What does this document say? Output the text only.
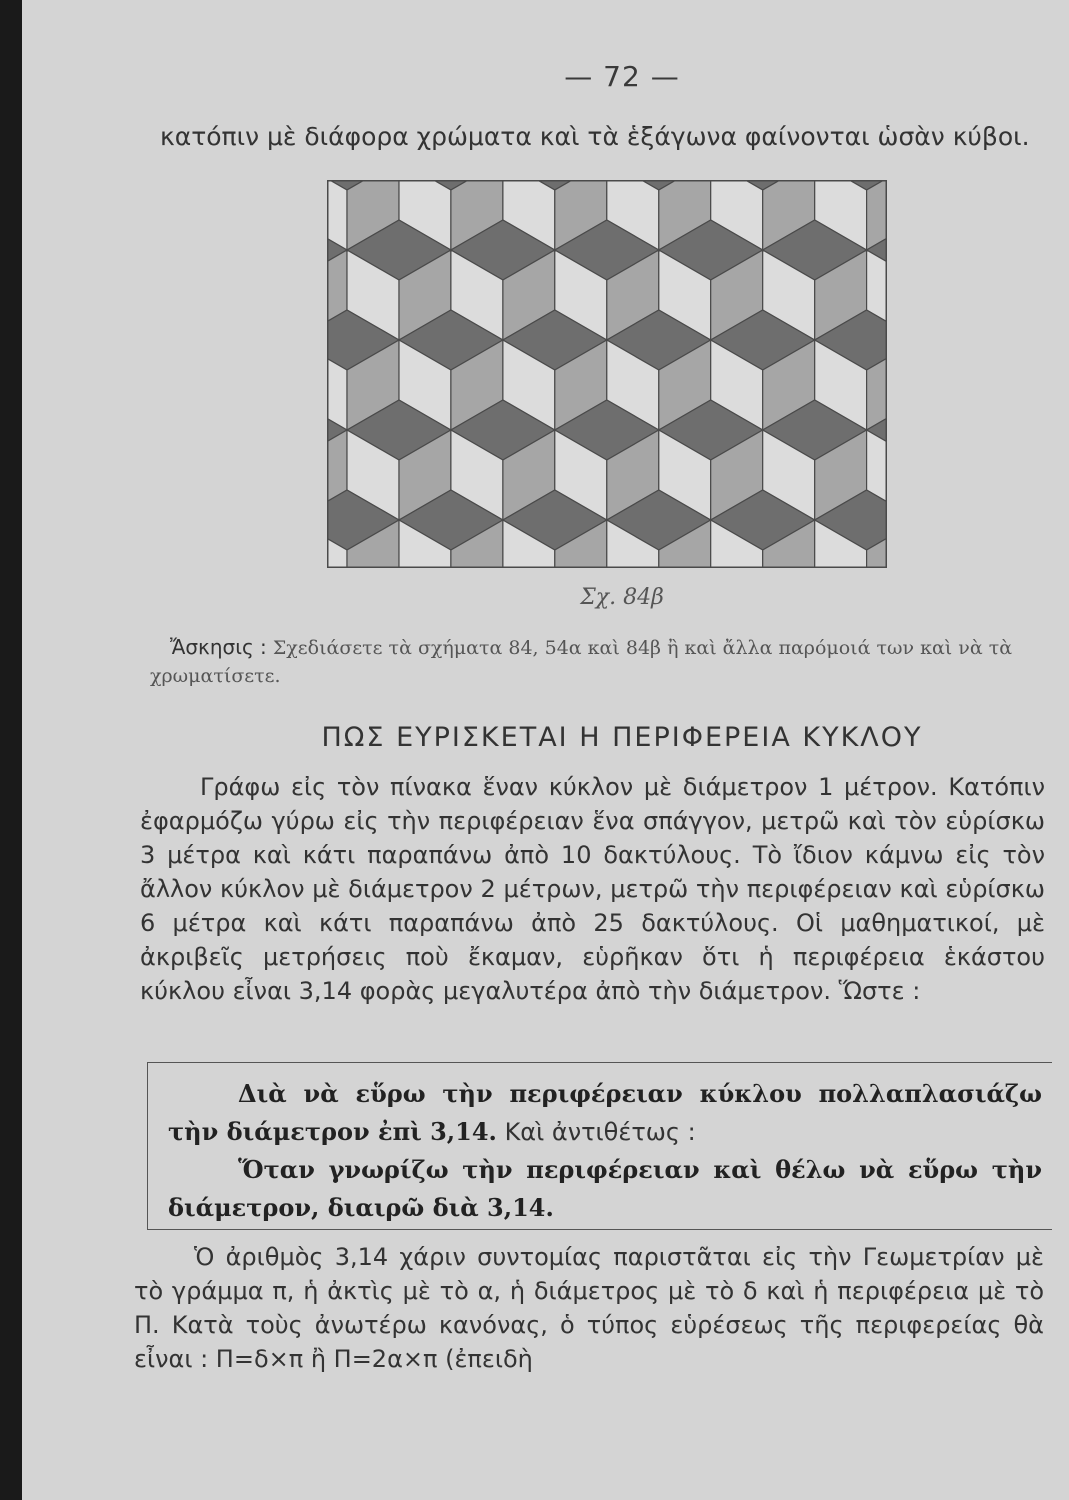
— 72 —
κατόπιν μὲ διάφορα χρώματα καὶ τὰ ἑξάγωνα φαίνονται ὡσὰν κύβοι.
Σχ. 84β
Ἄσκησις : Σχεδιάσετε τὰ σχήματα 84, 54α καὶ 84β ἢ καὶ ἄλλα παρόμοιά των καὶ νὰ τὰ χρωματίσετε.
ΠΩΣ ΕΥΡΙΣΚΕΤΑΙ Η ΠΕΡΙΦΕΡΕΙΑ ΚΥΚΛΟΥ

Γράφω εἰς τὸν πίνακα ἕναν κύκλον μὲ διάμετρον 1 μέτρον. Κατόπιν ἐφαρμόζω γύρω εἰς τὴν περιφέρειαν ἕνα σπάγγον, μετρῶ καὶ τὸν εὑρίσκω 3 μέτρα καὶ κάτι παραπάνω ἀπὸ 10 δακτύλους. Τὸ ἴδιον κάμνω εἰς τὸν ἄλλον κύκλον μὲ διάμετρον 2 μέτρων, μετρῶ τὴν περιφέρειαν καὶ εὑρίσκω 6 μέτρα καὶ κάτι παραπάνω ἀπὸ 25 δακτύλους. Οἱ μαθηματικοί, μὲ ἀκριβεῖς μετρήσεις ποὺ ἔκαμαν, εὑρῆκαν ὅτι ἡ περιφέρεια ἑκάστου κύκλου εἶναι 3,14 φορὰς μεγαλυτέρα ἀπὸ τὴν διάμετρον. Ὥστε :

Διὰ νὰ εὕρω τὴν περιφέρειαν κύκλου πολλαπλασιάζω τὴν διάμετρον ἐπὶ 3,14. Καὶ ἀντιθέτως :

Ὅταν γνωρίζω τὴν περιφέρειαν καὶ θέλω νὰ εὕρω τὴν διάμετρον, διαιρῶ διὰ 3,14.

Ὁ ἀριθμὸς 3,14 χάριν συντομίας παριστᾶται εἰς τὴν Γεωμετρίαν μὲ τὸ γράμμα π, ἡ ἀκτὶς μὲ τὸ α, ἡ διάμετρος μὲ τὸ δ καὶ ἡ περιφέρεια μὲ τὸ Π. Κατὰ τοὺς ἀνωτέρω κανόνας, ὁ τύπος εὑρέσεως τῆς περιφερείας θὰ εἶναι : Π=δ×π ἢ Π=2α×π (ἐπειδὴ
